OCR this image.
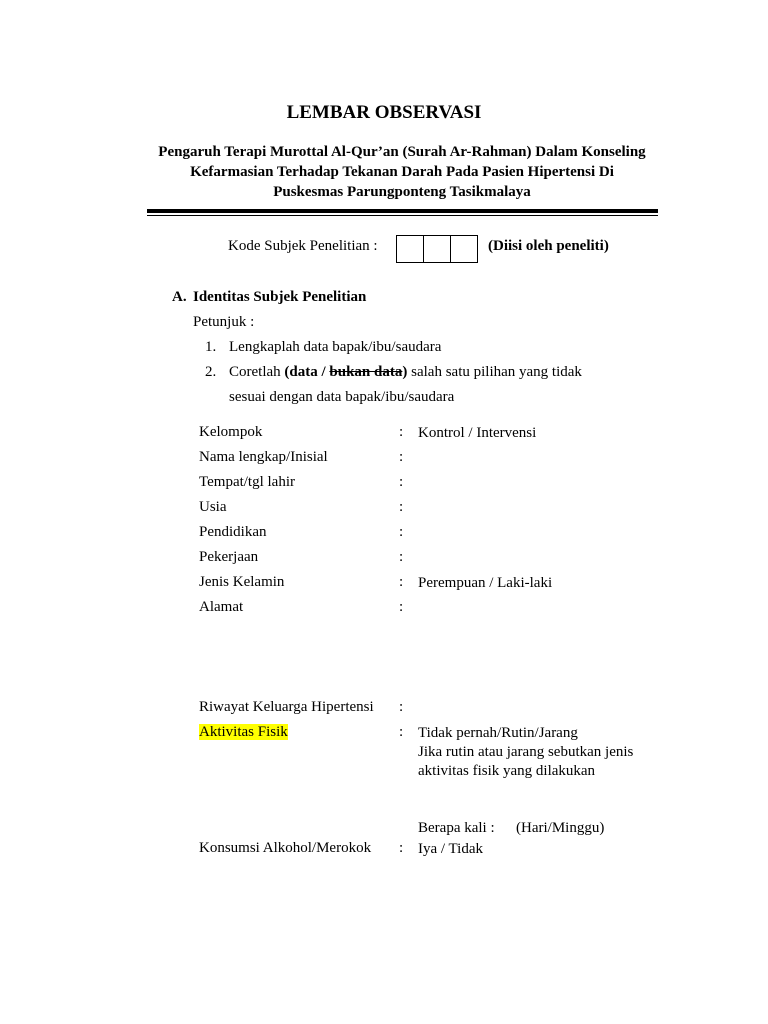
LEMBAR OBSERVASI
Pengaruh Terapi Murottal Al-Qur’an (Surah Ar-Rahman) Dalam Konseling
Kefarmasian Terhadap Tekanan Darah Pada Pasien Hipertensi Di
Puskesmas Parungponteng Tasikmalaya
Kode Subjek Penelitian :	(Diisi oleh peneliti)
A. Identitas Subjek Penelitian
Petunjuk :
1. Lengkaplah data bapak/ibu/saudara
2. Coretlah (data / bukan data) salah satu pilihan yang tidak
sesuai dengan data bapak/ibu/saudara
Kelompok	: Kontrol / Intervensi
Nama lengkap/Inisial	:
Tempat/tgl lahir	:
Usia	:
Pendidikan	:
Pekerjaan	:
Jenis Kelamin	: Perempuan / Laki-laki
Alamat	:
Riwayat Keluarga Hipertensi :
Aktivitas Fisik	: Tidak pernah/Rutin/Jarang
Jika rutin atau jarang sebutkan jenis
aktivitas fisik yang dilakukan
Berapa kali : (Hari/Minggu)
Konsumsi Alkohol/Merokok : Iya / Tidak
